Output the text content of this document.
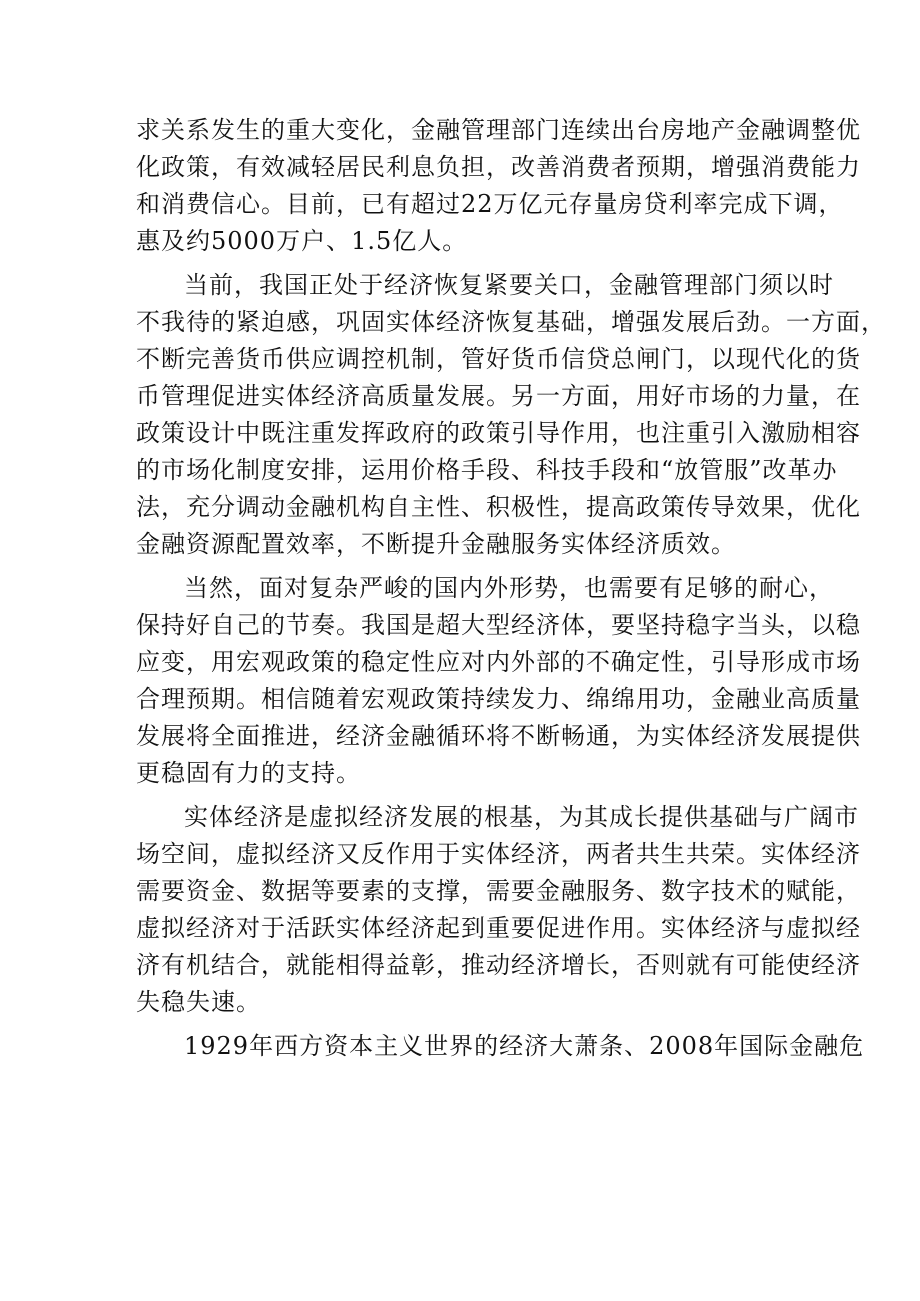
求关系发生的重大变化，金融管理部门连续出台房地产金融调整优

化政策，有效减轻居民利息负担，改善消费者预期，增强消费能力

和消费信心。目前，已有超过22万亿元存量房贷利率完成下调，

惠及约5000万户、1.5亿人。

当前，我国正处于经济恢复紧要关口，金融管理部门须以时

不我待的紧迫感，巩固实体经济恢复基础，增强发展后劲。一方面，

不断完善货币供应调控机制，管好货币信贷总闸门，以现代化的货

币管理促进实体经济高质量发展。另一方面，用好市场的力量，在

政策设计中既注重发挥政府的政策引导作用，也注重引入激励相容

的市场化制度安排，运用价格手段、科技手段和“放管服”改革办

法，充分调动金融机构自主性、积极性，提高政策传导效果，优化

金融资源配置效率，不断提升金融服务实体经济质效。

当然，面对复杂严峻的国内外形势，也需要有足够的耐心，

保持好自己的节奏。我国是超大型经济体，要坚持稳字当头，以稳

应变，用宏观政策的稳定性应对内外部的不确定性，引导形成市场

合理预期。相信随着宏观政策持续发力、绵绵用功，金融业高质量

发展将全面推进，经济金融循环将不断畅通，为实体经济发展提供

更稳固有力的支持。

实体经济是虚拟经济发展的根基，为其成长提供基础与广阔市

场空间，虚拟经济又反作用于实体经济，两者共生共荣。实体经济

需要资金、数据等要素的支撑，需要金融服务、数字技术的赋能，

虚拟经济对于活跃实体经济起到重要促进作用。实体经济与虚拟经

济有机结合，就能相得益彰，推动经济增长，否则就有可能使经济

失稳失速。

1929年西方资本主义世界的经济大萧条、2008年国际金融危
